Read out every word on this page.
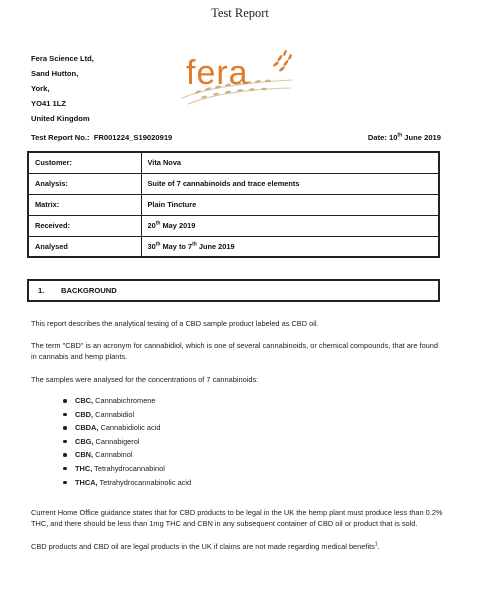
Test Report
Fera Science Ltd,
Sand Hutton,
York,
YO41 1LZ
United Kingdom
fera
Test Report No.: FR001224_S19020919	Date: 10th June 2019
Customer:	Vita Nova
Analysis:	Suite of 7 cannabinoids and trace elements
Matrix:	Plain Tincture
Received:	20th May 2019
Analysed	30th May to 7th June 2019
1.	BACKGROUND

This report describes the analytical testing of a CBD sample product labeled as CBD oil.

The term "CBD" is an acronym for cannabidiol, which is one of several cannabinoids, or chemical compounds, that are found in cannabis and hemp plants.

The samples were analysed for the concentrations of 7 cannabinoids:

CBC, Cannabichromene
CBD, Cannabidiol
CBDA, Cannabidiolic acid
CBG, Cannabigerol
CBN, Cannabinol
THC, Tetrahydrocannabinol
THCA, Tetrahydrocannabinolic acid

Current Home Office guidance states that for CBD products to be legal in the UK the hemp plant must produce less than 0.2% THC, and there should be less than 1mg THC and CBN in any subsequent container of CBD oil or product that is sold.

CBD products and CBD oil are legal products in the UK if claims are not made regarding medical benefits$^1$.
